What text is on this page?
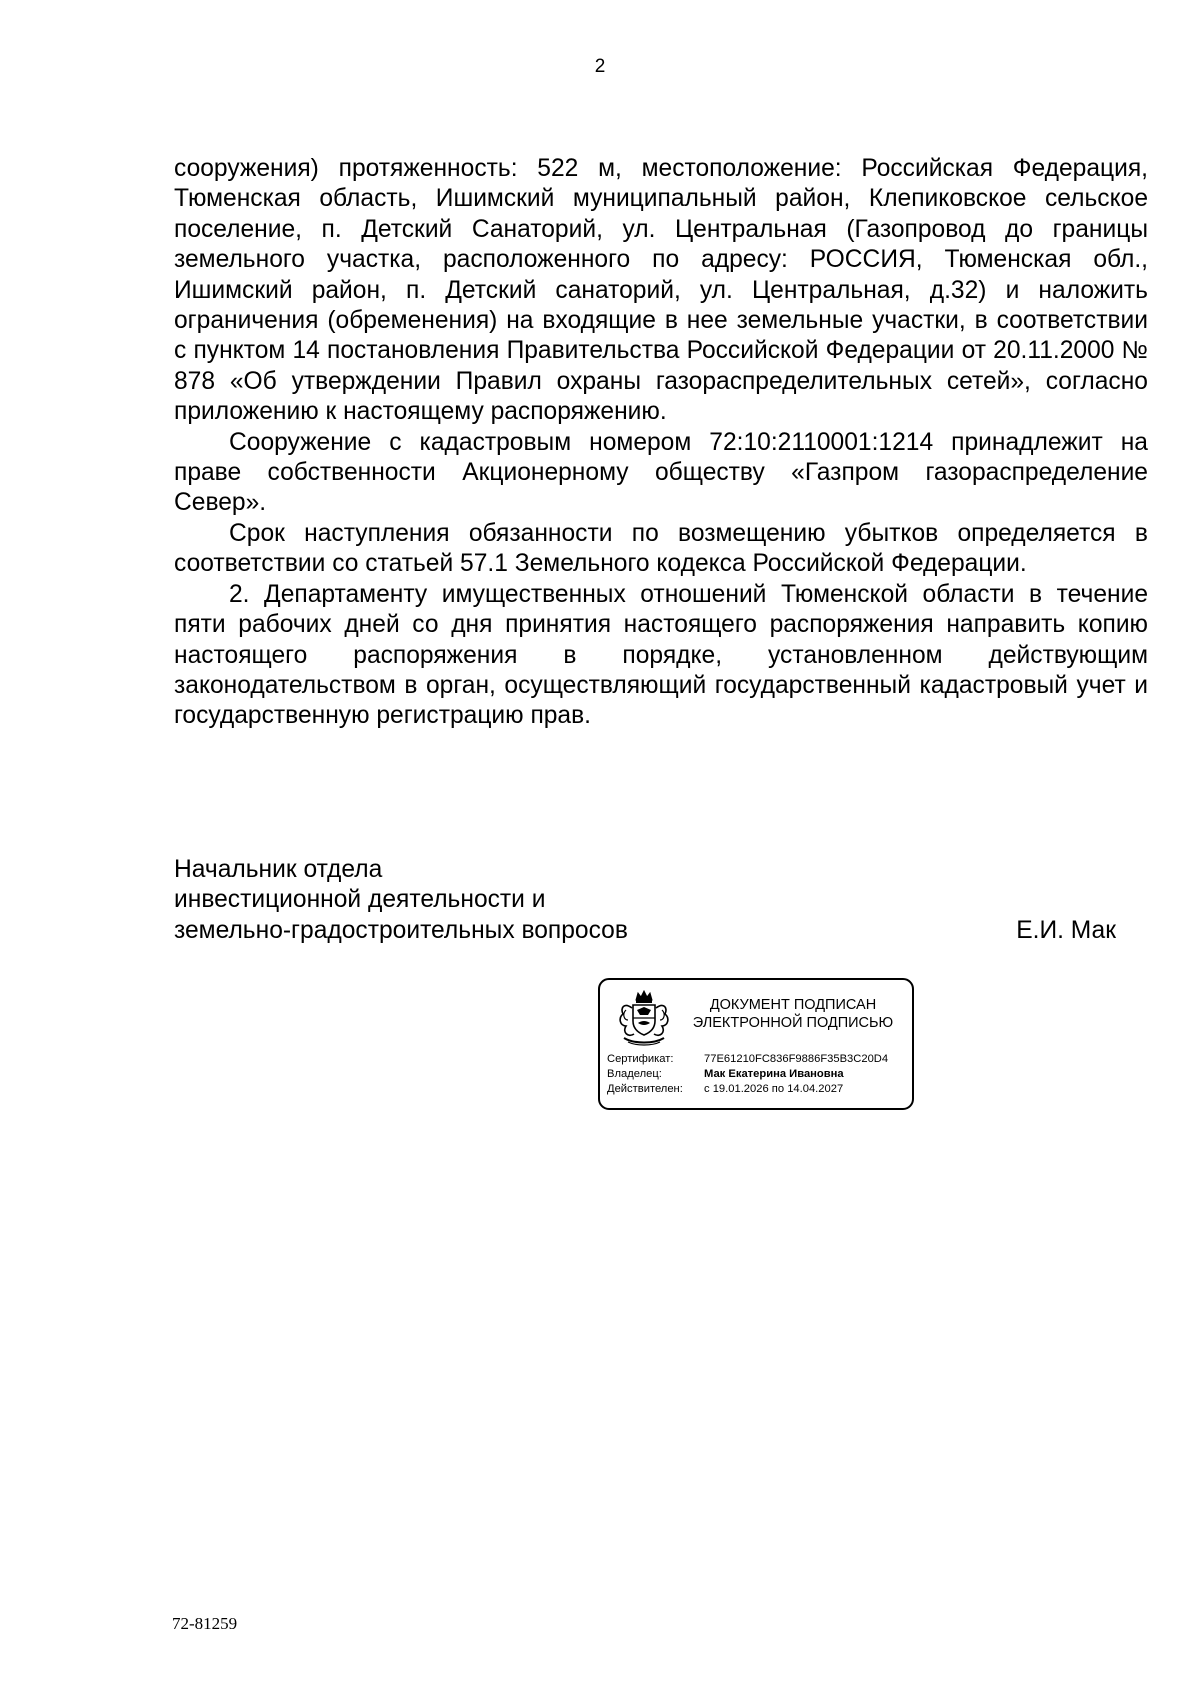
2

сооружения) протяженность: 522 м, местоположение: Российская Федерация, Тюменская область, Ишимский муниципальный район, Клепиковское сельское поселение, п. Детский Санаторий, ул. Центральная (Газопровод до границы земельного участка, расположенного по адресу: РОССИЯ, Тюменская обл., Ишимский район, п. Детский санаторий, ул. Центральная, д.32) и наложить ограничения (обременения) на входящие в нее земельные участки, в соответствии с пунктом 14 постановления Правительства Российской Федерации от 20.11.2000 № 878 «Об утверждении Правил охраны газораспределительных сетей», согласно приложению к настоящему распоряжению.

Сооружение с кадастровым номером 72:10:2110001:1214 принадлежит на праве собственности Акционерному обществу «Газпром газораспределение Север».

Срок наступления обязанности по возмещению убытков определяется в соответствии со статьей 57.1 Земельного кодекса Российской Федерации.

2. Департаменту имущественных отношений Тюменской области в течение пяти рабочих дней со дня принятия настоящего распоряжения направить копию настоящего распоряжения в порядке, установленном действующим законодательством в орган, осуществляющий государственный кадастровый учет и государственную регистрацию прав.

Начальник отдела
инвестиционной деятельности и
земельно-градостроительных вопросов	Е.И. Мак
ДОКУМЕНТ ПОДПИСАН
ЭЛЕКТРОННОЙ ПОДПИСЬЮ
Сертификат:	77E61210FC836F9886F35B3C20D4
Владелец:	Мак Екатерина Ивановна
Действителен:	с 19.01.2026 по 14.04.2027
72-81259
